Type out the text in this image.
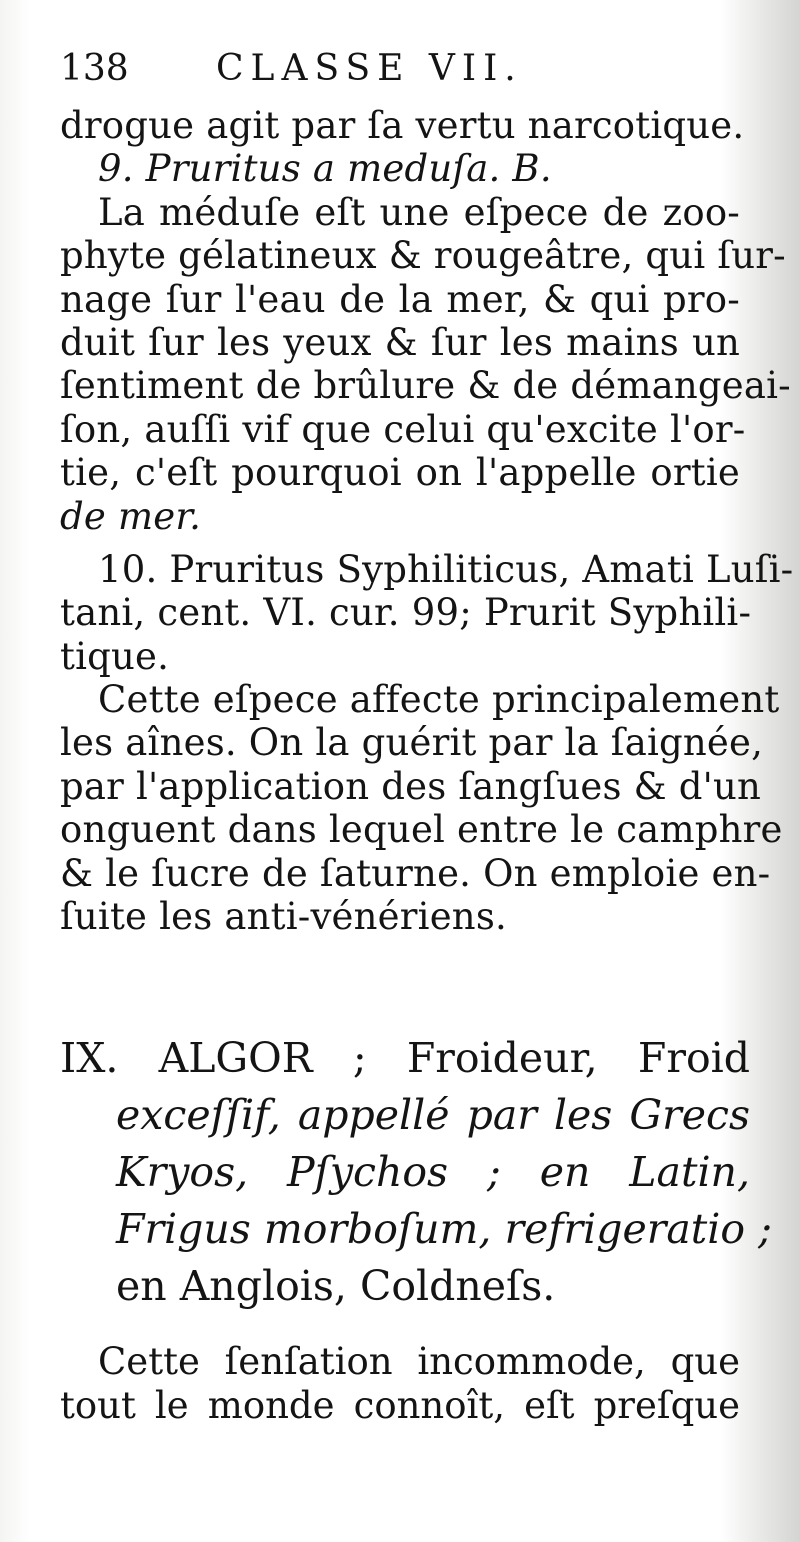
138 CLASSE VII.
drogue agit par ſa vertu narcotique.
9. Pruritus a meduſa. B.
La méduſe eſt une eſpece de zoo-
phyte gélatineux & rougeâtre, qui ſur-
nage ſur l'eau de la mer, & qui pro-
duit ſur les yeux & ſur les mains un
ſentiment de brûlure & de démangeai-
ſon, auſſi vif que celui qu'excite l'or-
tie, c'eſt pourquoi on l'appelle ortie
de mer.
10. Pruritus Syphiliticus, Amati Luſi-
tani, cent. VI. cur. 99; Prurit Syphili-
tique.
Cette eſpece affecte principalement
les aînes. On la guérit par la ſaignée,
par l'application des ſangſues & d'un
onguent dans lequel entre le camphre
& le ſucre de ſaturne. On emploie en-
ſuite les anti-vénériens.
IX. ALGOR ; Froideur, Froid
exceſſif, appellé par les Grecs
Kryos, Pſychos ; en Latin,
Frigus morboſum, refrigeratio ;
en Anglois, Coldneſs.
Cette ſenſation incommode, que
tout le monde connoît, eſt preſque
